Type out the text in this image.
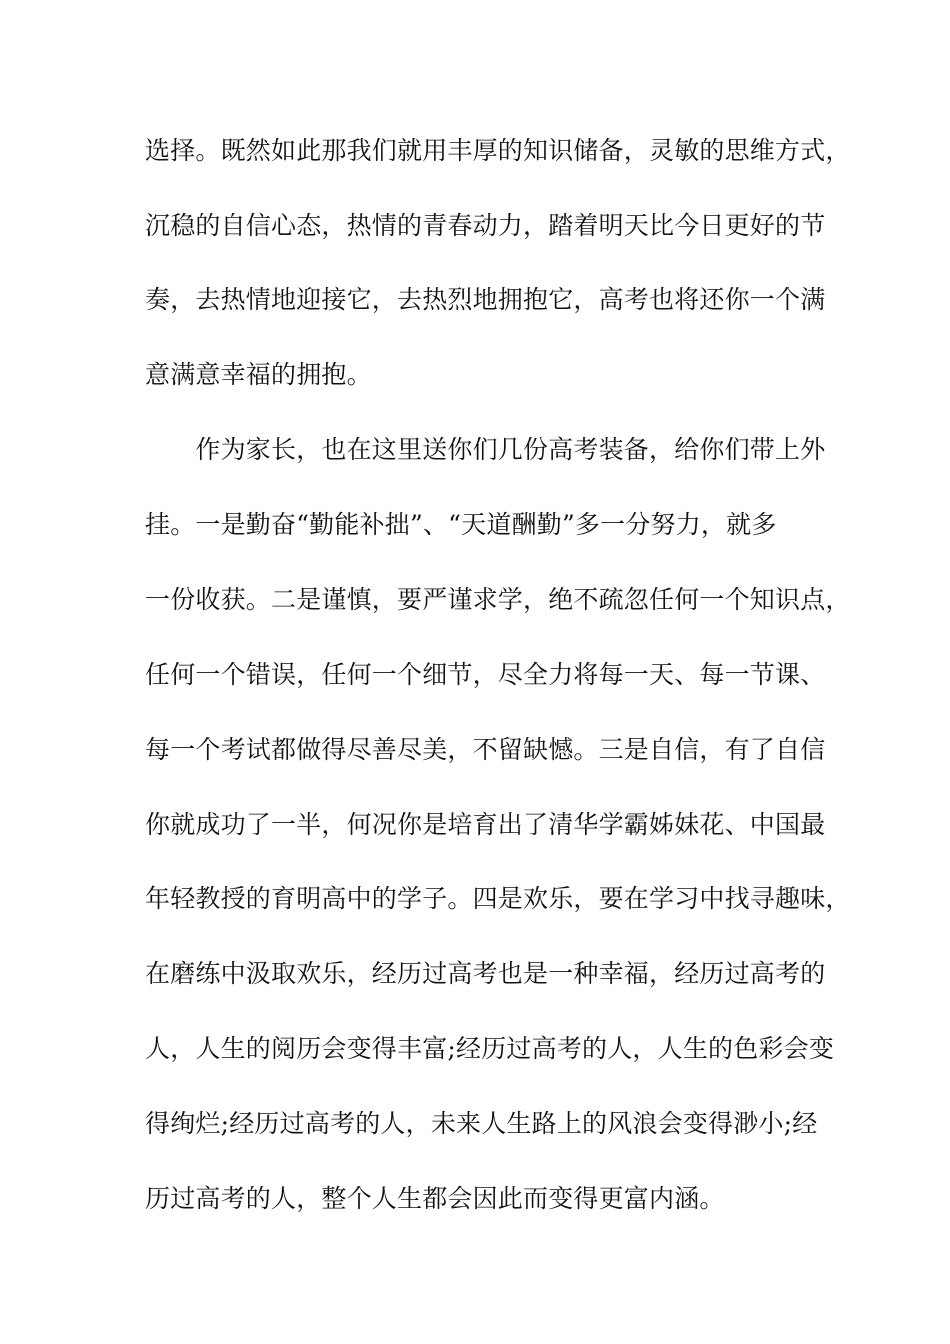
选择。既然如此那我们就用丰厚的知识储备，灵敏的思维方式，
沉稳的自信心态，热情的青春动力，踏着明天比今日更好的节
奏，去热情地迎接它，去热烈地拥抱它，高考也将还你一个满
意满意幸福的拥抱。
　　作为家长，也在这里送你们几份高考装备，给你们带上外
挂。一是勤奋“勤能补拙”、“天道酬勤”多一分努力，就多
一份收获。二是谨慎，要严谨求学，绝不疏忽任何一个知识点，
任何一个错误，任何一个细节，尽全力将每一天、每一节课、
每一个考试都做得尽善尽美，不留缺憾。三是自信，有了自信
你就成功了一半，何况你是培育出了清华学霸姊妹花、中国最
年轻教授的育明高中的学子。四是欢乐，要在学习中找寻趣味，
在磨练中汲取欢乐，经历过高考也是一种幸福，经历过高考的
人，人生的阅历会变得丰富;经历过高考的人，人生的色彩会变
得绚烂;经历过高考的人，未来人生路上的风浪会变得渺小;经
历过高考的人，整个人生都会因此而变得更富内涵。
